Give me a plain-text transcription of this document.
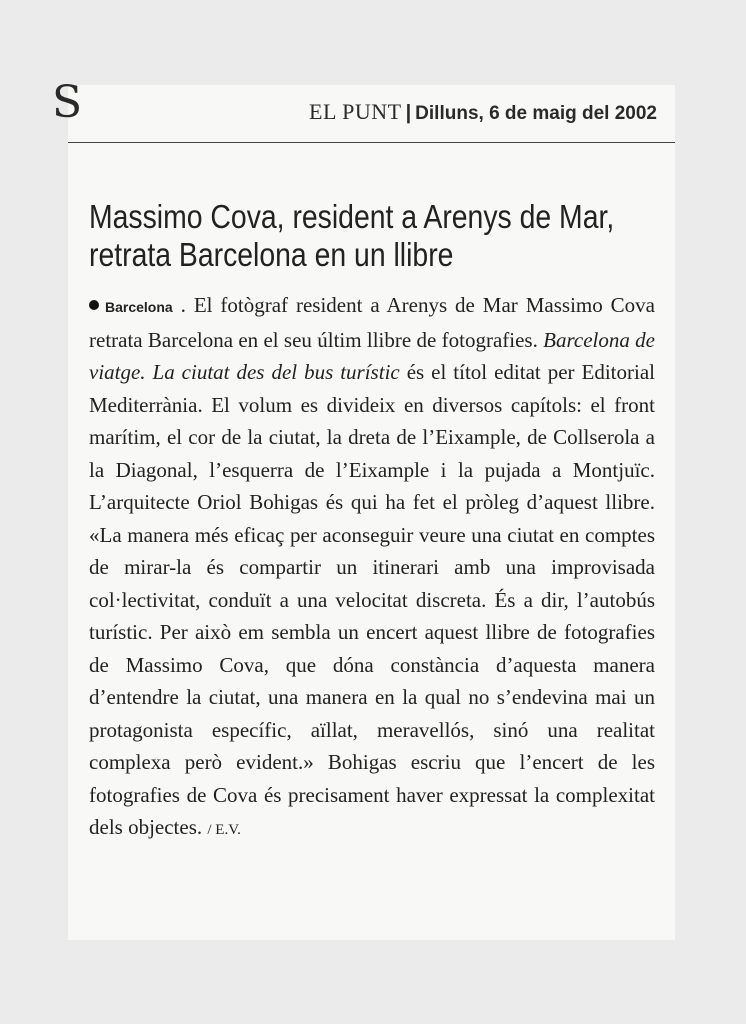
S	EL PUNT | Dilluns, 6 de maig del 2002
Massimo Cova, resident a Arenys de Mar, retrata Barcelona en un llibre

Barcelona . El fotògraf resident a Arenys de Mar Massimo Cova retrata Barcelona en el seu últim llibre de fotografies. Barcelona de viatge. La ciutat des del bus turístic és el títol editat per Editorial Mediterrània. El volum es divideix en diversos capítols: el front marítim, el cor de la ciutat, la dreta de l’Eixample, de Collserola a la Diagonal, l’esquerra de l’Eixample i la pujada a Montjuïc. L’arquitecte Oriol Bohigas és qui ha fet el pròleg d’aquest llibre. «La manera més eficaç per aconseguir veure una ciutat en comptes de mirar-la és compartir un itinerari amb una improvisada col·lectivitat, conduït a una velocitat discreta. És a dir, l’autobús turístic. Per això em sembla un encert aquest llibre de fotografies de Massimo Cova, que dóna constància d’aquesta manera d’entendre la ciutat, una manera en la qual no s’endevina mai un protagonista específic, aïllat, meravellós, sinó una realitat complexa però evident.» Bohigas escriu que l’encert de les fotografies de Cova és precisament haver expressat la complexitat dels objectes. / E.V.
